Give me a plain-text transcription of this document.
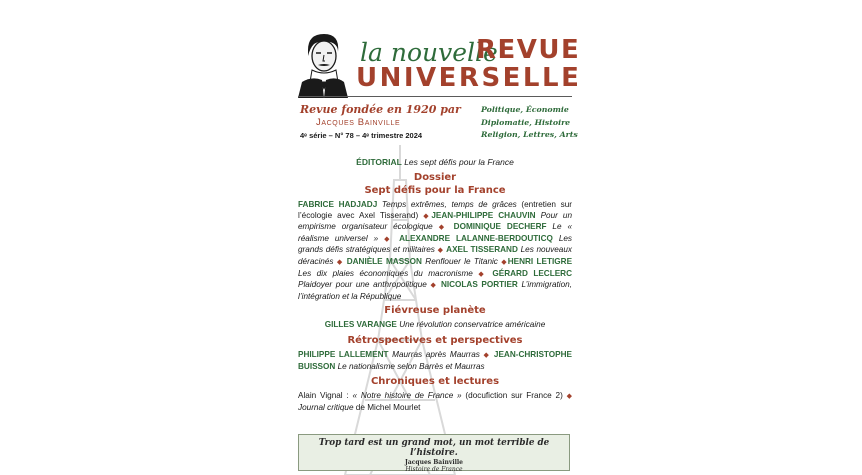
la nouvelle
REVUE
UNIVERSELLE
Revue fondée en 1920 par
Jacques Bainville
4ᵉ série – N° 78 – 4ᵉ trimestre 2024
Politique, Économie
Diplomatie, Histoire
Religion, Lettres, Arts
ÉDITORIAL Les sept défis pour la France
Dossier
Sept défis pour la France
FABRICE HADJADJ Temps extrêmes, temps de grâces (entretien sur l’écologie avec Axel Tisserand) ◆JEAN-PHILIPPE CHAUVIN Pour un empirisme organisateur écologique ◆ DOMINIQUE DECHERF Le « réalisme universel » ◆ ALEXANDRE LALANNE-BERDOUTICQ Les grands défis stratégiques et militaires ◆ AXEL TISSERAND Les nouveaux déracinés ◆ DANIÈLE MASSON Renflouer le Titanic ◆HENRI LETIGRE Les dix plaies économiques du macronisme ◆ GÉRARD LECLERC Plaidoyer pour une anthropolitique ◆ NICOLAS PORTIER L’immigration, l’intégration et la République
Fiévreuse planète
GILLES VARANGE Une révolution conservatrice américaine
Rétrospectives et perspectives
PHILIPPE LALLEMENT Maurras après Maurras ◆ JEAN-CHRISTOPHE BUISSON Le nationalisme selon Barrès et Maurras
Chroniques et lectures
Alain Vignal : « Notre histoire de France » (docufiction sur France 2) ◆ Journal critique de Michel Mourlet
Trop tard est un grand mot, un mot terrible de l’histoire.
Jacques Bainville
Histoire de France
